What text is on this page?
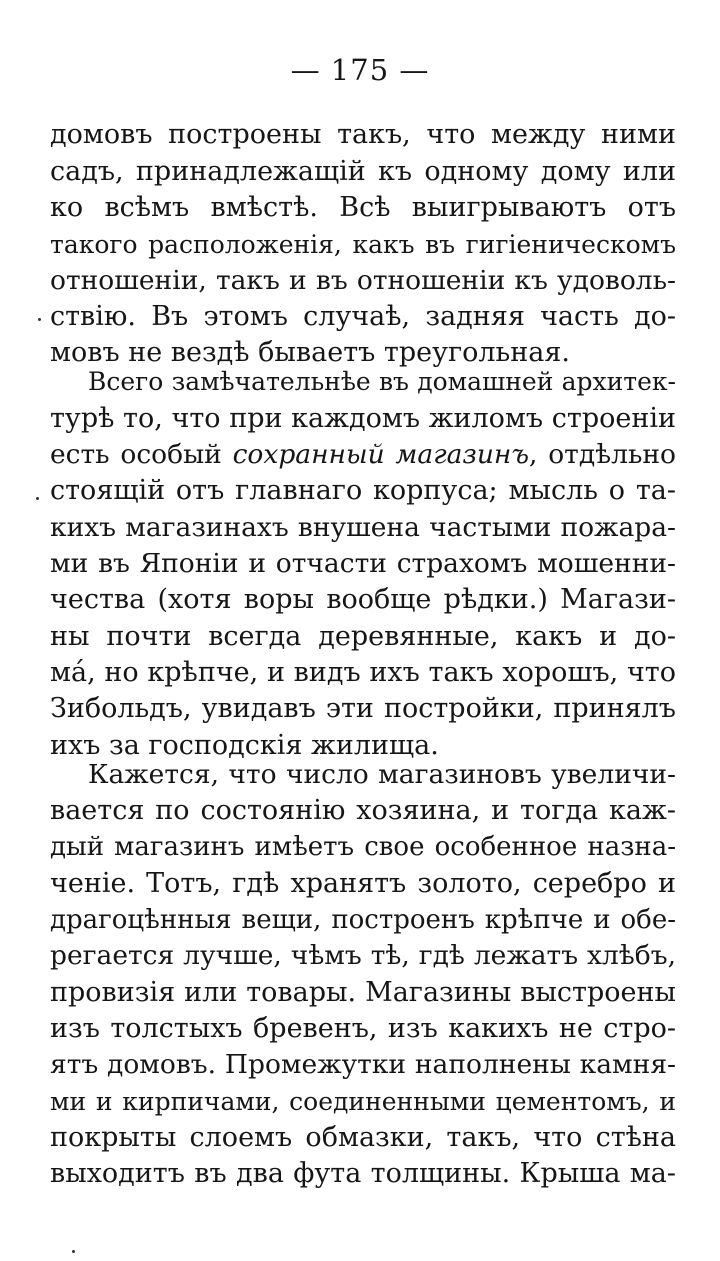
— 175 —
домовъ построены такъ, что между ними
садъ, принадлежащій къ одному дому или
ко всѣмъ вмѣстѣ. Всѣ выигрываютъ отъ
такого расположенія, какъ въ гигіеническомъ
отношеніи, такъ и въ отношеніи къ удоволь-
ствію. Въ этомъ случаѣ, задняя часть до-
мовъ не вездѣ бываетъ треугольная.
Всего замѣчательнѣе въ домашней архитек-
турѣ то, что при каждомъ жиломъ строеніи
есть особый сохранный магазинъ, отдѣльно
стоящій отъ главнаго корпуса; мысль о та-
кихъ магазинахъ внушена частыми пожара-
ми въ Японіи и отчасти страхомъ мошенни-
чества (хотя воры вообще рѣдки.) Магази-
ны почти всегда деревянные, какъ и до-
ма́, но крѣпче, и видъ ихъ такъ хорошъ, что
Зибольдъ, увидавъ эти постройки, принялъ
ихъ за господскія жилища.
Кажется, что число магазиновъ увеличи-
вается по состоянію хозяина, и тогда каж-
дый магазинъ имѣетъ свое особенное назна-
ченіе. Тотъ, гдѣ хранятъ золото, серебро и
драгоцѣнныя вещи, построенъ крѣпче и обе-
регается лучше, чѣмъ тѣ, гдѣ лежатъ хлѣбъ,
провизія или товары. Магазины выстроены
изъ толстыхъ бревенъ, изъ какихъ не стро-
ятъ домовъ. Промежутки наполнены камня-
ми и кирпичами, соединенными цементомъ, и
покрыты слоемъ обмазки, такъ, что стѣна
выходитъ въ два фута толщины. Крыша ма-
